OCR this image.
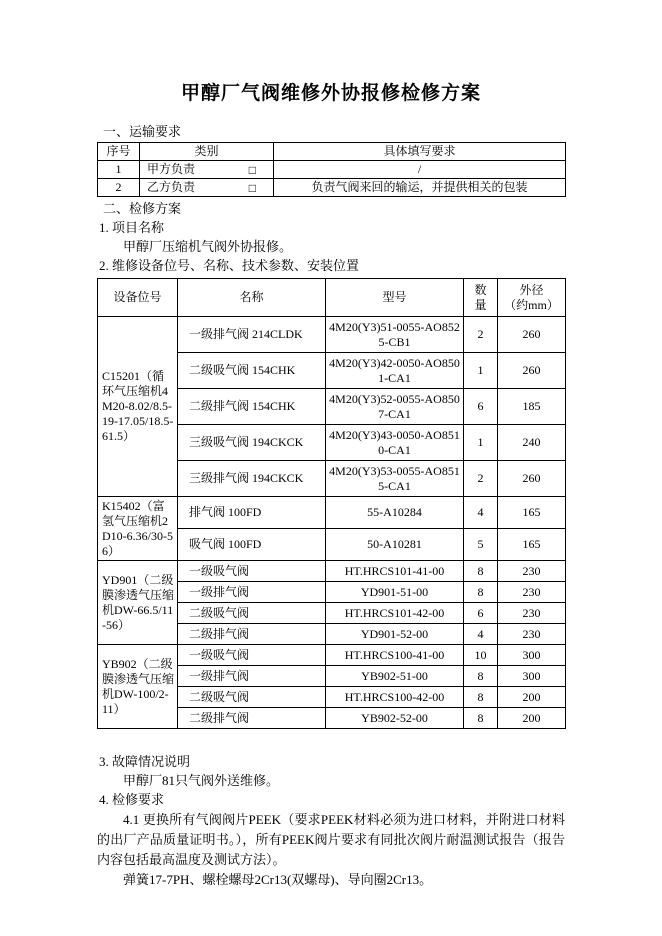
甲醇厂气阀维修外协报修检修方案
一、运输要求
序号	类别	具体填写要求
1	甲方负责 □	/
2	乙方负责 □	负责气阀来回的输运，并提供相关的包装
二、检修方案
1. 项目名称
甲醇厂压缩机气阀外协报修。
2. 维修设备位号、名称、技术参数、安装位置
设备位号	名称	型号	数量	外径
（约mm）
C15201（循环气压缩机4M20-8.02/8.5-19-17.05/18.5-61.5）	一级排气阀 214CLDK	4M20(Y3)51-0055-AO8525-CB1	2	260
	二级吸气阀 154CHK	4M20(Y3)42-0050-AO8501-CA1	1	260
	二级排气阀 154CHK	4M20(Y3)52-0055-AO8507-CA1	6	185
	三级吸气阀 194CKCK	4M20(Y3)43-0050-AO8510-CA1	1	240
	三级排气阀 194CKCK	4M20(Y3)53-0055-AO8515-CA1	2	260
K15402（富氢气压缩机2D10-6.36/30-56）	排气阀 100FD	55-A10284	4	165
	吸气阀 100FD	50-A10281	5	165
YD901（二级膜渗透气压缩机DW-66.5/11-56）	一级吸气阀	HT.HRCS101-41-00	8	230
	一级排气阀	YD901-51-00	8	230
	二级吸气阀	HT.HRCS101-42-00	6	230
	二级排气阀	YD901-52-00	4	230
YB902（二级膜渗透气压缩机DW-100/2-11）	一级吸气阀	HT.HRCS100-41-00	10	300
	一级排气阀	YB902-51-00	8	300
	二级吸气阀	HT.HRCS100-42-00	8	200
	二级排气阀	YB902-52-00	8	200
3. 故障情况说明
甲醇厂81只气阀外送维修。
4. 检修要求

4.1 更换所有气阀阀片PEEK（要求PEEK材料必须为进口材料，并附进口材料的出厂产品质量证明书。），所有PEEK阀片要求有同批次阀片耐温测试报告（报告内容包括最高温度及测试方法）。

弹簧17-7PH、螺栓螺母2Cr13(双螺母)、导向圈2Cr13。
